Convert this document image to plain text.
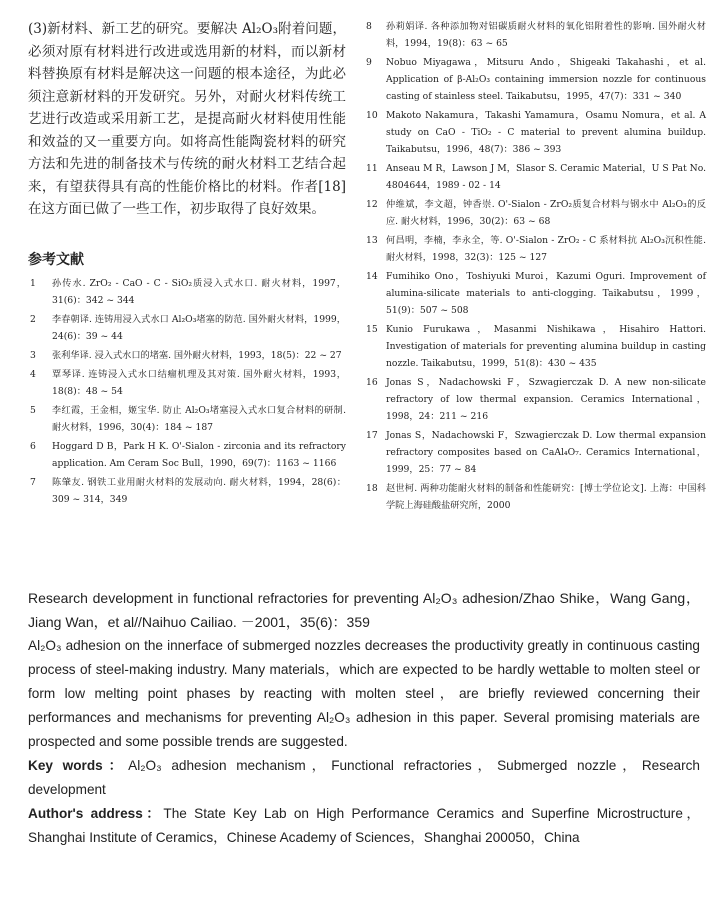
(3)新材料、新工艺的研究。要解决 Al₂O₃附着问题，必须对原有材料进行改进或选用新的材料，而以新材料替换原有材料是解决这一问题的根本途径，为此必须注意新材料的开发研究。另外，对耐火材料传统工艺进行改造或采用新工艺，是提高耐火材料使用性能和效益的又一重要方向。如将高性能陶瓷材料的研究方法和先进的制备技术与传统的耐火材料工艺结合起来，有望获得具有高的性能价格比的材料。作者[18] 在这方面已做了一些工作，初步取得了良好效果。

参考文献
1	孙传水. ZrO₂ - CaO - C - SiO₂质浸入式水口. 耐火材料，1997，31(6)：342 ~ 344
2	李春朝译. 连铸用浸入式水口 Al₂O₃堵塞的防范. 国外耐火材料，1999，24(6)：39 ~ 44
3	张利华译. 浸入式水口的堵塞. 国外耐火材料，1993，18(5)：22 ~ 27
4	覃琴译. 连铸浸入式水口结瘤机理及其对策. 国外耐火材料，1993，18(8)：48 ~ 54
5	李红霞，王金相，姬宝华. 防止 Al₂O₃堵塞浸入式水口复合材料的研制. 耐火材料，1996，30(4)：184 ~ 187
6	Hoggard D B，Park H K. O'-Sialon - zirconia and its refractory application. Am Ceram Soc Bull，1990，69(7)：1163 ~ 1166
7	陈肇友. 钢铁工业用耐火材料的发展动向. 耐火材料，1994，28(6)：309 ~ 314，349
8	孙莉娟译. 各种添加物对铝碳质耐火材料的氧化铝附着性的影响. 国外耐火材料，1994，19(8)：63 ~ 65
9	Nobuo Miyagawa，Mitsuru Ando，Shigeaki Takahashi，et al. Application of β-Al₂O₃ containing immersion nozzle for continuous casting of stainless steel. Taikabutsu，1995，47(7)：331 ~ 340
10 Makoto Nakamura，Takashi Yamamura，Osamu Nomura，et al. A study on CaO - TiO₂ - C material to prevent alumina buildup. Taikabutsu，1996，48(7)：386 ~ 393
11 Anseau M R，Lawson J M，Slasor S. Ceramic Material，U S Pat No. 4804644，1989 - 02 - 14
12 仲维斌，李文超，钟香崇. O'-Sialon - ZrO₂质复合材料与钢水中 Al₂O₃的反应. 耐火材料，1996，30(2)：63 ~ 68
13 何昌明，李楠，李永全，等. O'-Sialon - ZrO₂ - C 系材料抗 Al₂O₃沉积性能. 耐火材料，1998，32(3)：125 ~ 127
14 Fumihiko Ono，Toshiyuki Muroi，Kazumi Oguri. Improvement of alumina-silicate materials to anti-clogging. Taikabutsu，1999，51(9)：507 ~ 508
15 Kunio Furukawa，Masanmi Nishikawa，Hisahiro Hattori. Investigation of materials for preventing alumina buildup in casting nozzle. Taikabutsu，1999，51(8)：430 ~ 435
16 Jonas S，Nadachowski F，Szwagierczak D. A new non-silicate refractory of low thermal expansion. Ceramics International，1998，24：211 ~ 216
17 Jonas S，Nadachowski F，Szwagierczak D. Low thermal expansion refractory composites based on CaAl₄O₇. Ceramics International，1999，25：77 ~ 84
18 赵世柯. 两种功能耐火材料的制备和性能研究：[博士学位论文]. 上海：中国科学院上海硅酸盐研究所，2000

Research development in functional refractories for preventing Al₂O₃ adhesion/Zhao Shike，Wang Gang，Jiang Wan，et al//Naihuo Cailiao. －2001，35(6)：359

Al₂O₃ adhesion on the innerface of submerged nozzles decreases the productivity greatly in continuous casting process of steel-making industry. Many materials，which are expected to be hardly wettable to molten steel or form low melting point phases by reacting with molten steel，are briefly reviewed concerning their performances and mechanisms for preventing Al₂O₃ adhesion in this paper. Several promising materials are prospected and some possible trends are suggested.

Key words：Al₂O₃ adhesion mechanism，Functional refractories，Submerged nozzle，Research development

Author's address：The State Key Lab on High Performance Ceramics and Superfine Microstructure，Shanghai Institute of Ceramics，Chinese Academy of Sciences，Shanghai 200050，China
